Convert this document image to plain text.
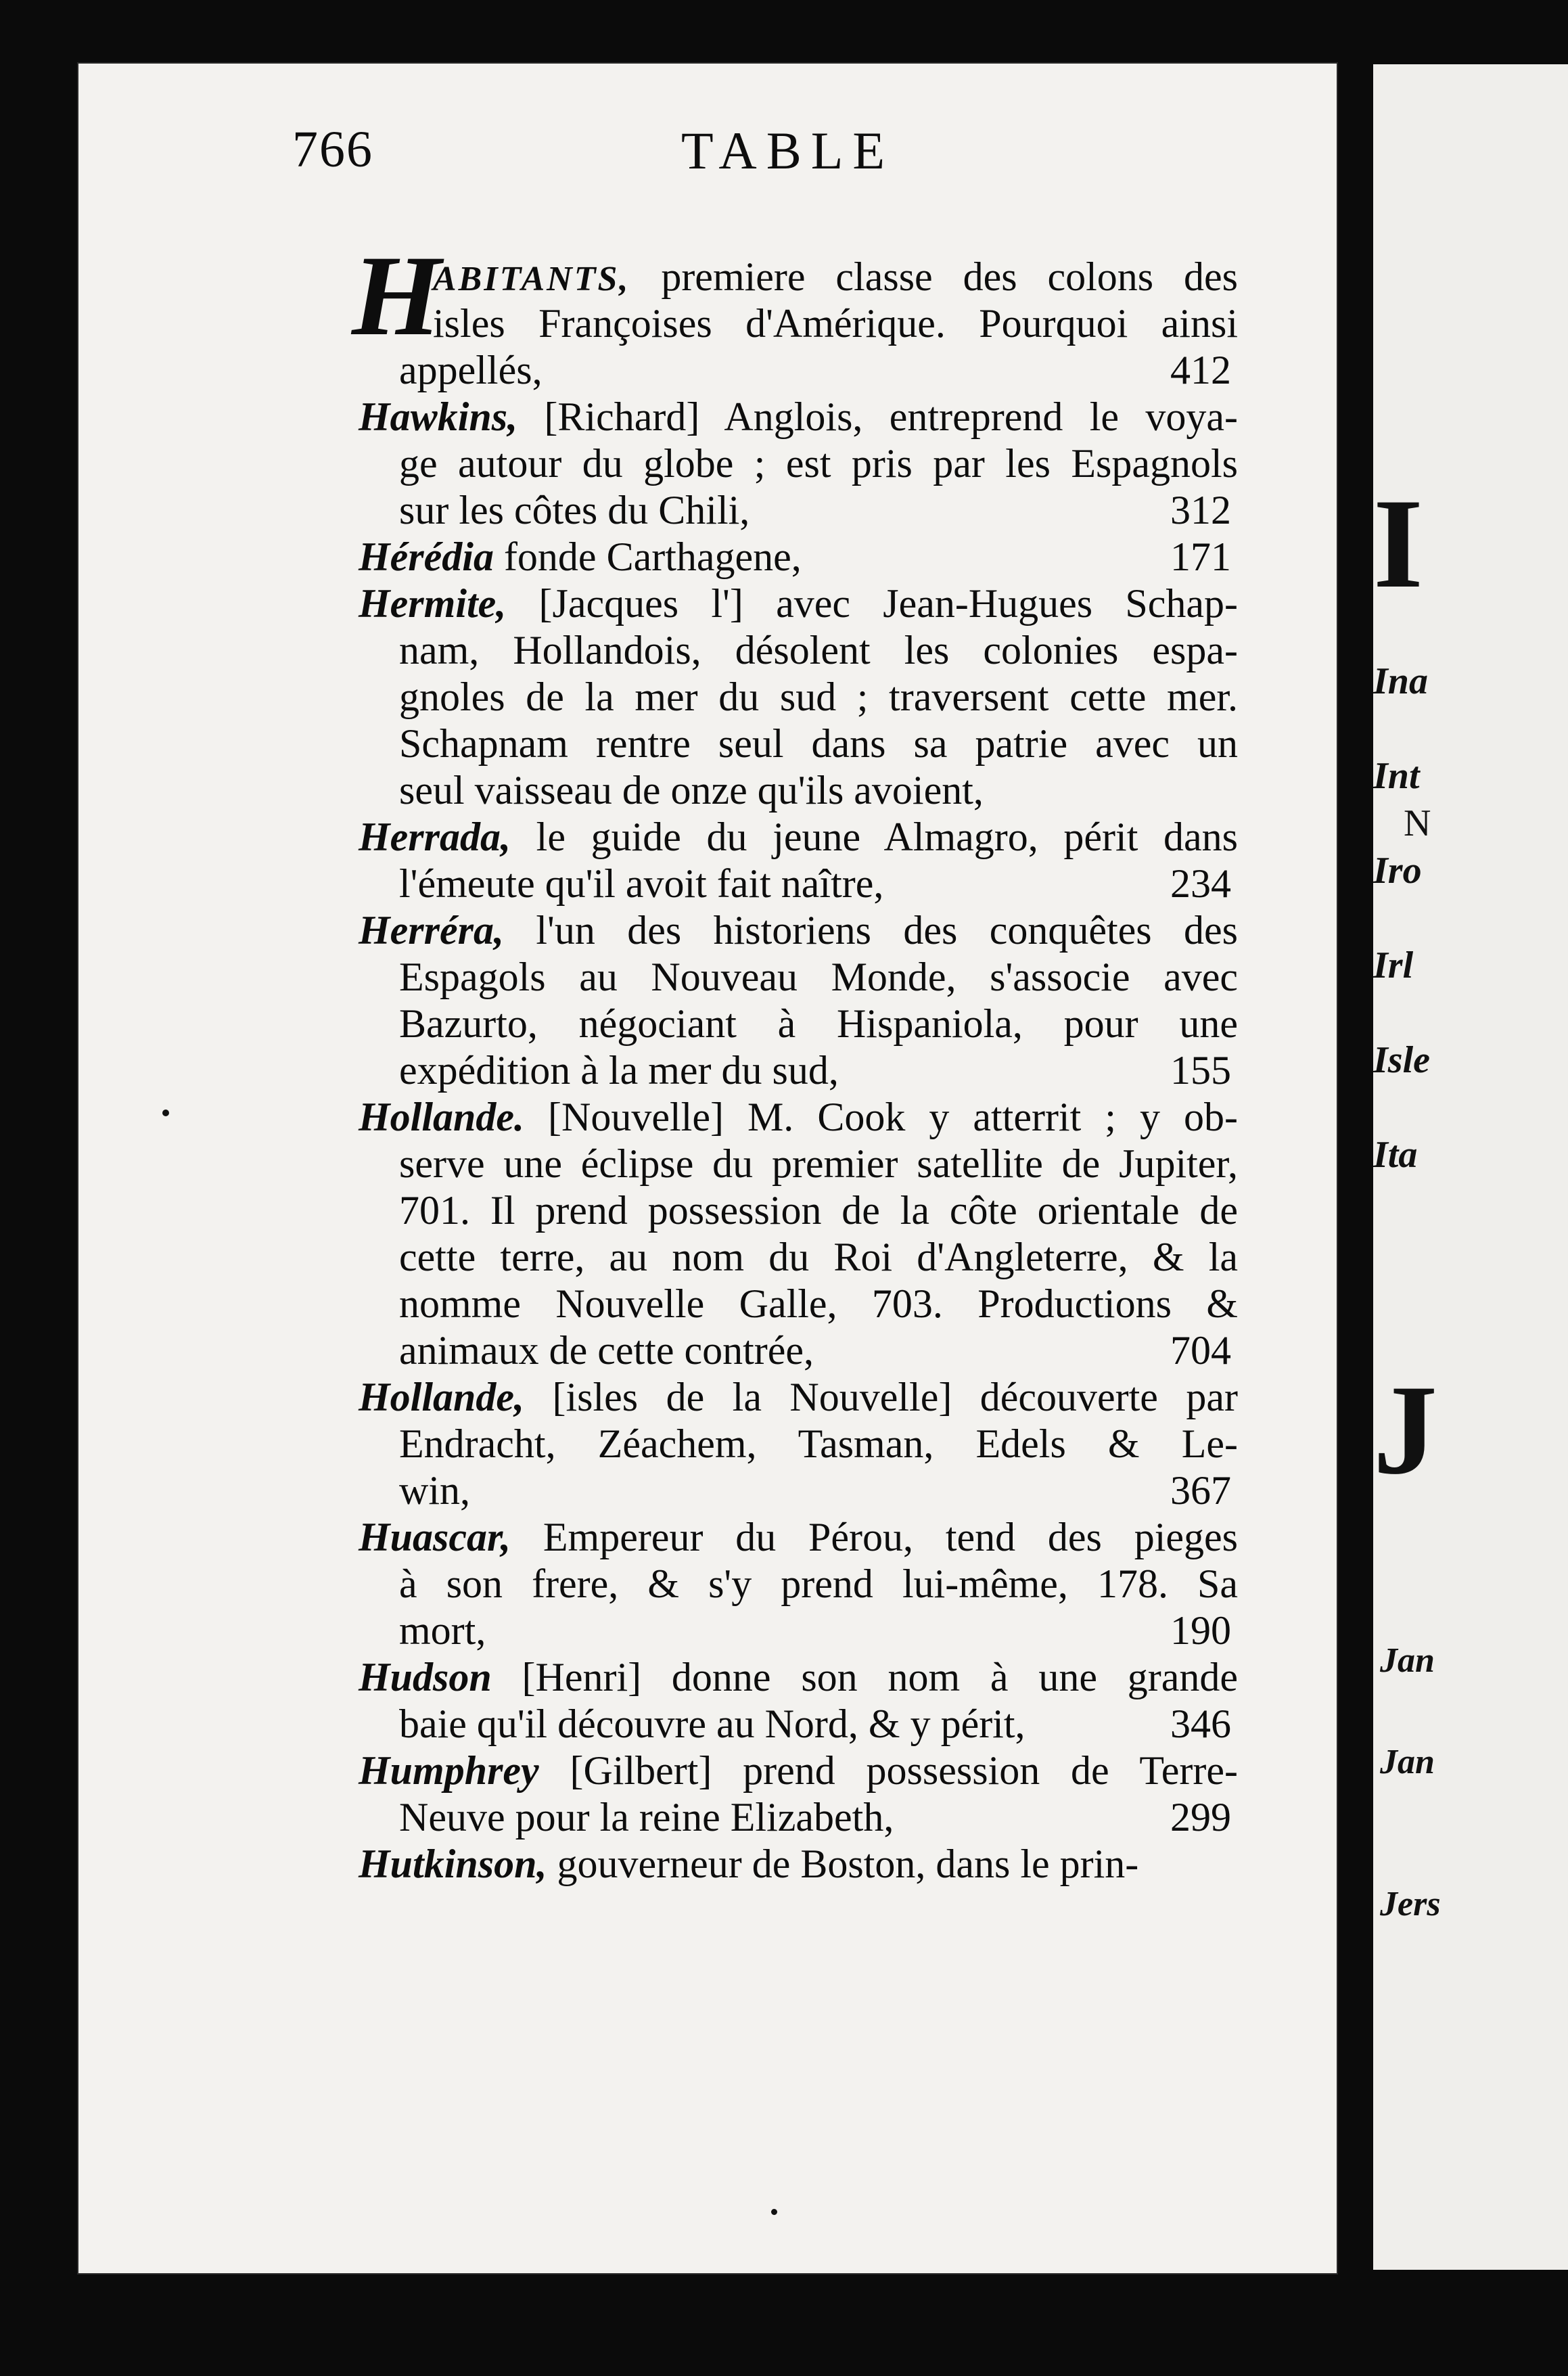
I
Ina
Int
N
Iro
Irl
Isle
Ita
J
Jan
Jan
Jers
766	TABLE
H
ABITANTS, premiere classe des colons des
isles Françoises d'Amérique. Pourquoi ainsi
appellés,	412
Hawkins, [Richard] Anglois, entreprend le voya-
ge autour du globe ; est pris par les Espagnols
sur les côtes du Chili,	312
Hérédia fonde Carthagene,	171
Hermite, [Jacques l'] avec Jean-Hugues Schap-
nam, Hollandois, désolent les colonies espa-
gnoles de la mer du sud ; traversent cette mer.
Schapnam rentre seul dans sa patrie avec un
seul vaisseau de onze qu'ils avoient,
Herrada, le guide du jeune Almagro, périt dans
l'émeute qu'il avoit fait naître,	234
Herréra, l'un des historiens des conquêtes des
Espagols au Nouveau Monde, s'associe avec
Bazurto, négociant à Hispaniola, pour une
expédition à la mer du sud,	155
Hollande. [Nouvelle] M. Cook y atterrit ; y ob-
serve une éclipse du premier satellite de Jupiter,
701. Il prend possession de la côte orientale de
cette terre, au nom du Roi d'Angleterre, & la
nomme Nouvelle Galle, 703. Productions &
animaux de cette contrée,	704
Hollande, [isles de la Nouvelle] découverte par
Endracht, Zéachem, Tasman, Edels & Le-
win,	367
Huascar, Empereur du Pérou, tend des pieges
à son frere, & s'y prend lui-même, 178. Sa
mort,	190
Hudson [Henri] donne son nom à une grande
baie qu'il découvre au Nord, & y périt,	346
Humphrey [Gilbert] prend possession de Terre-
Neuve pour la reine Elizabeth,	299
Hutkinson, gouverneur de Boston, dans le prin-
